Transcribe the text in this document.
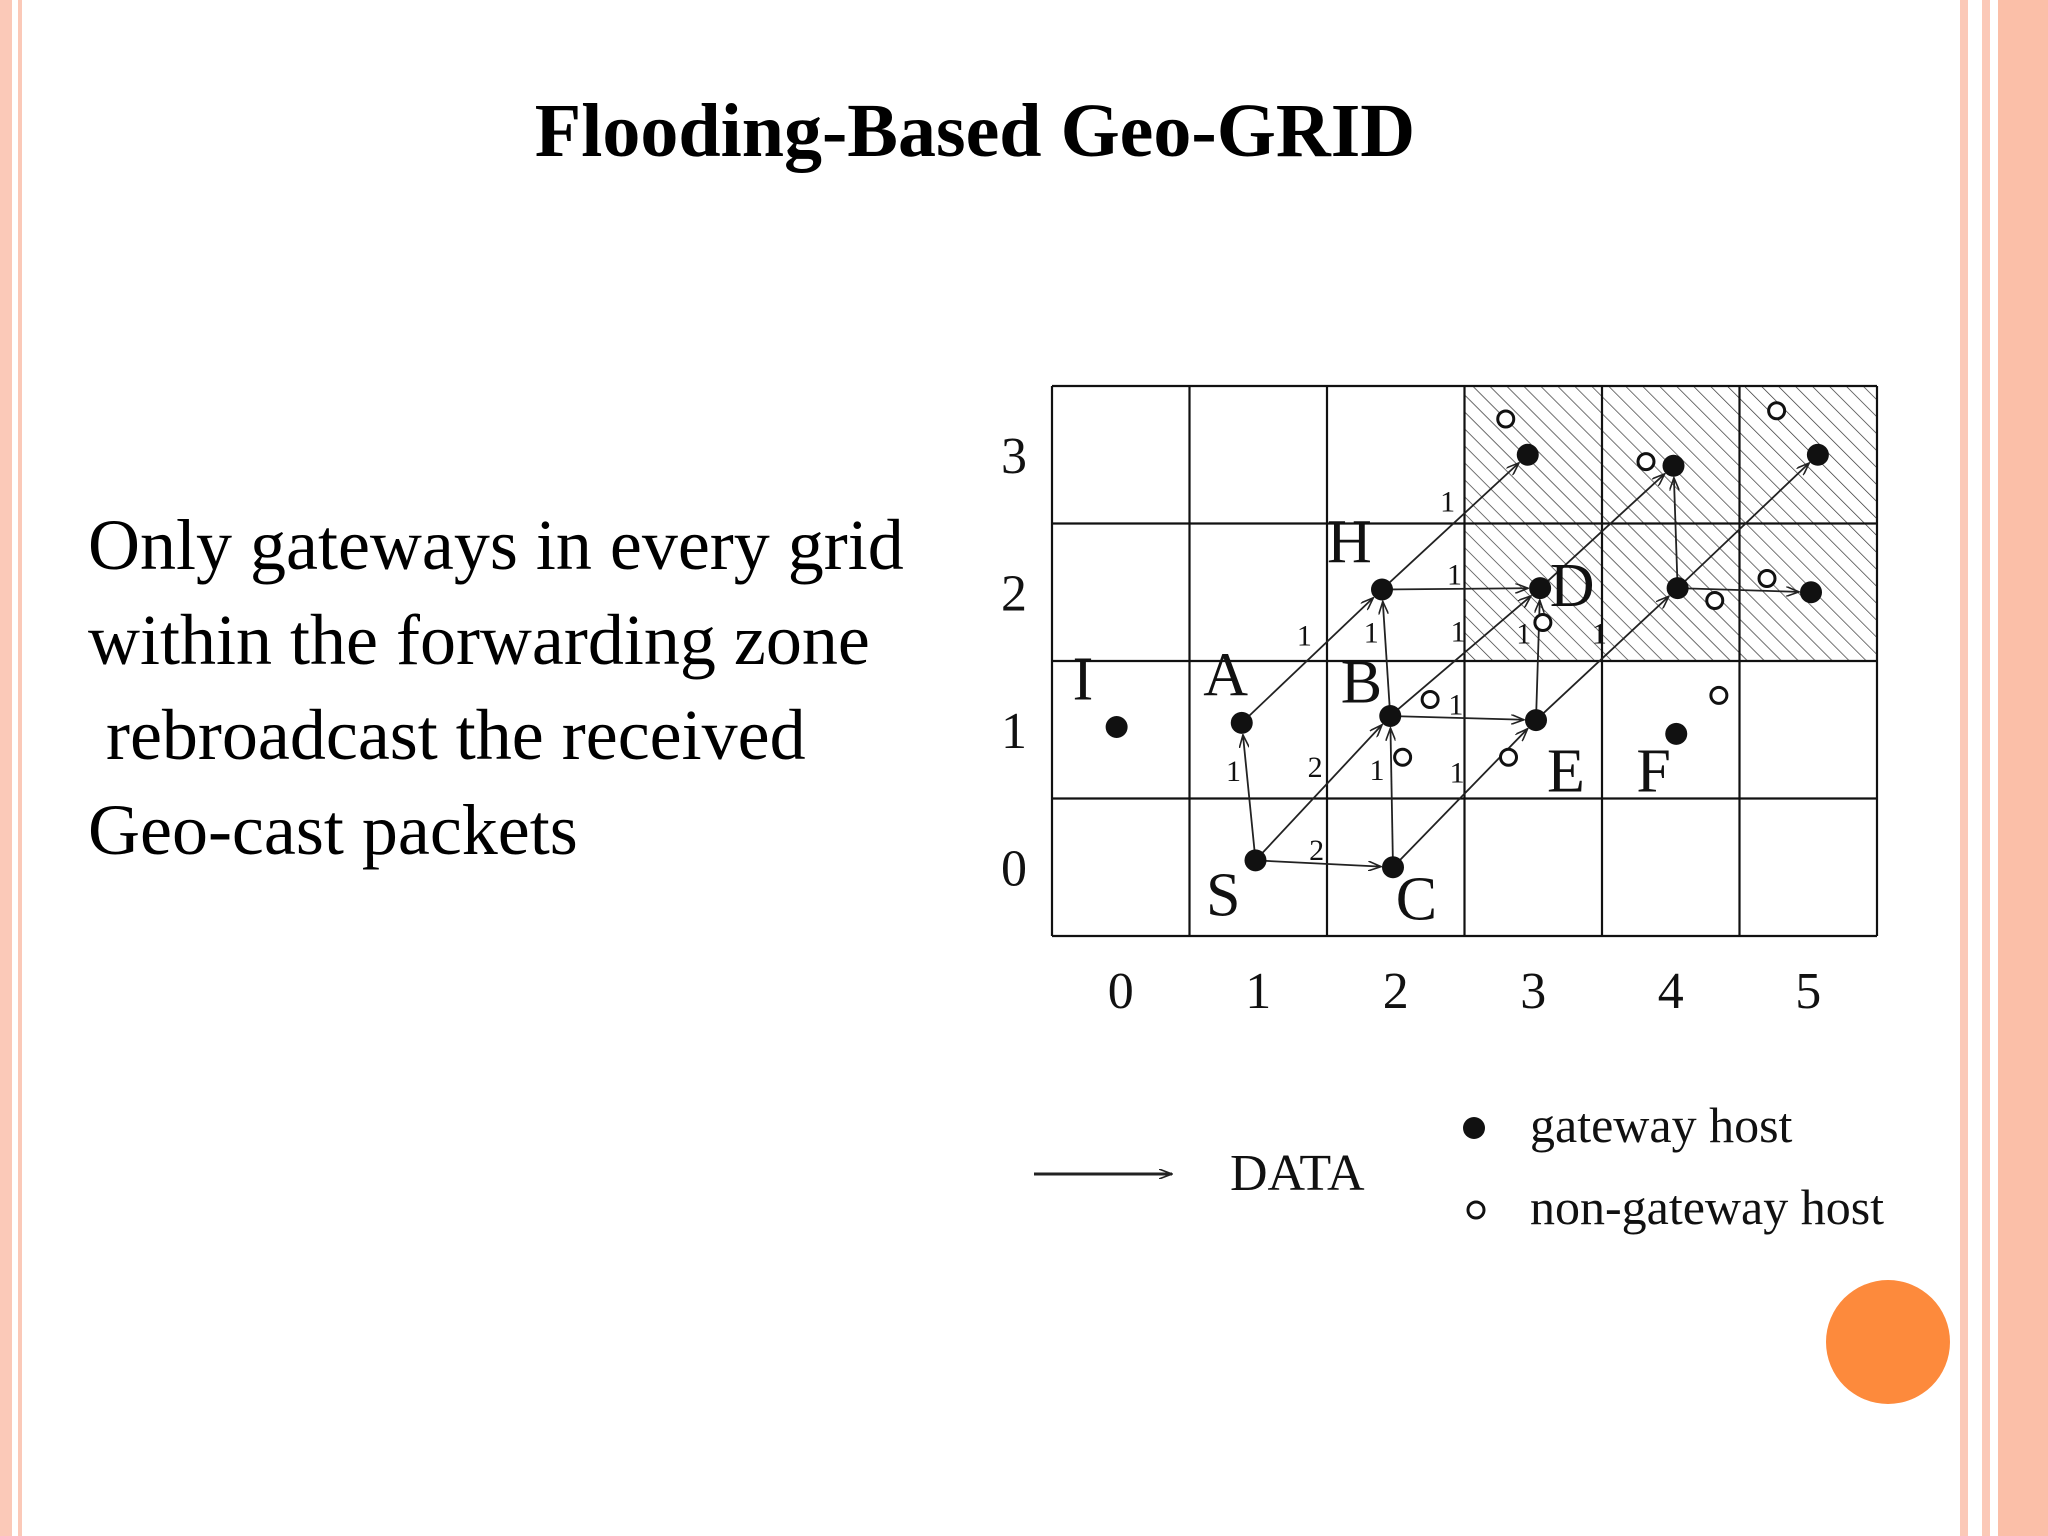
Flooding-Based Geo-GRID
Only gateways in every grid
within the forwarding zone
rebroadcast the received
Geo-cast packets
1
2
2 1 1
1 1
1
1 1 1
1
1
S	C
A
I	B
E F
H
D
0 1 2 3 4 5
0
1
2
3
DATA
gateway host
non-gateway host
